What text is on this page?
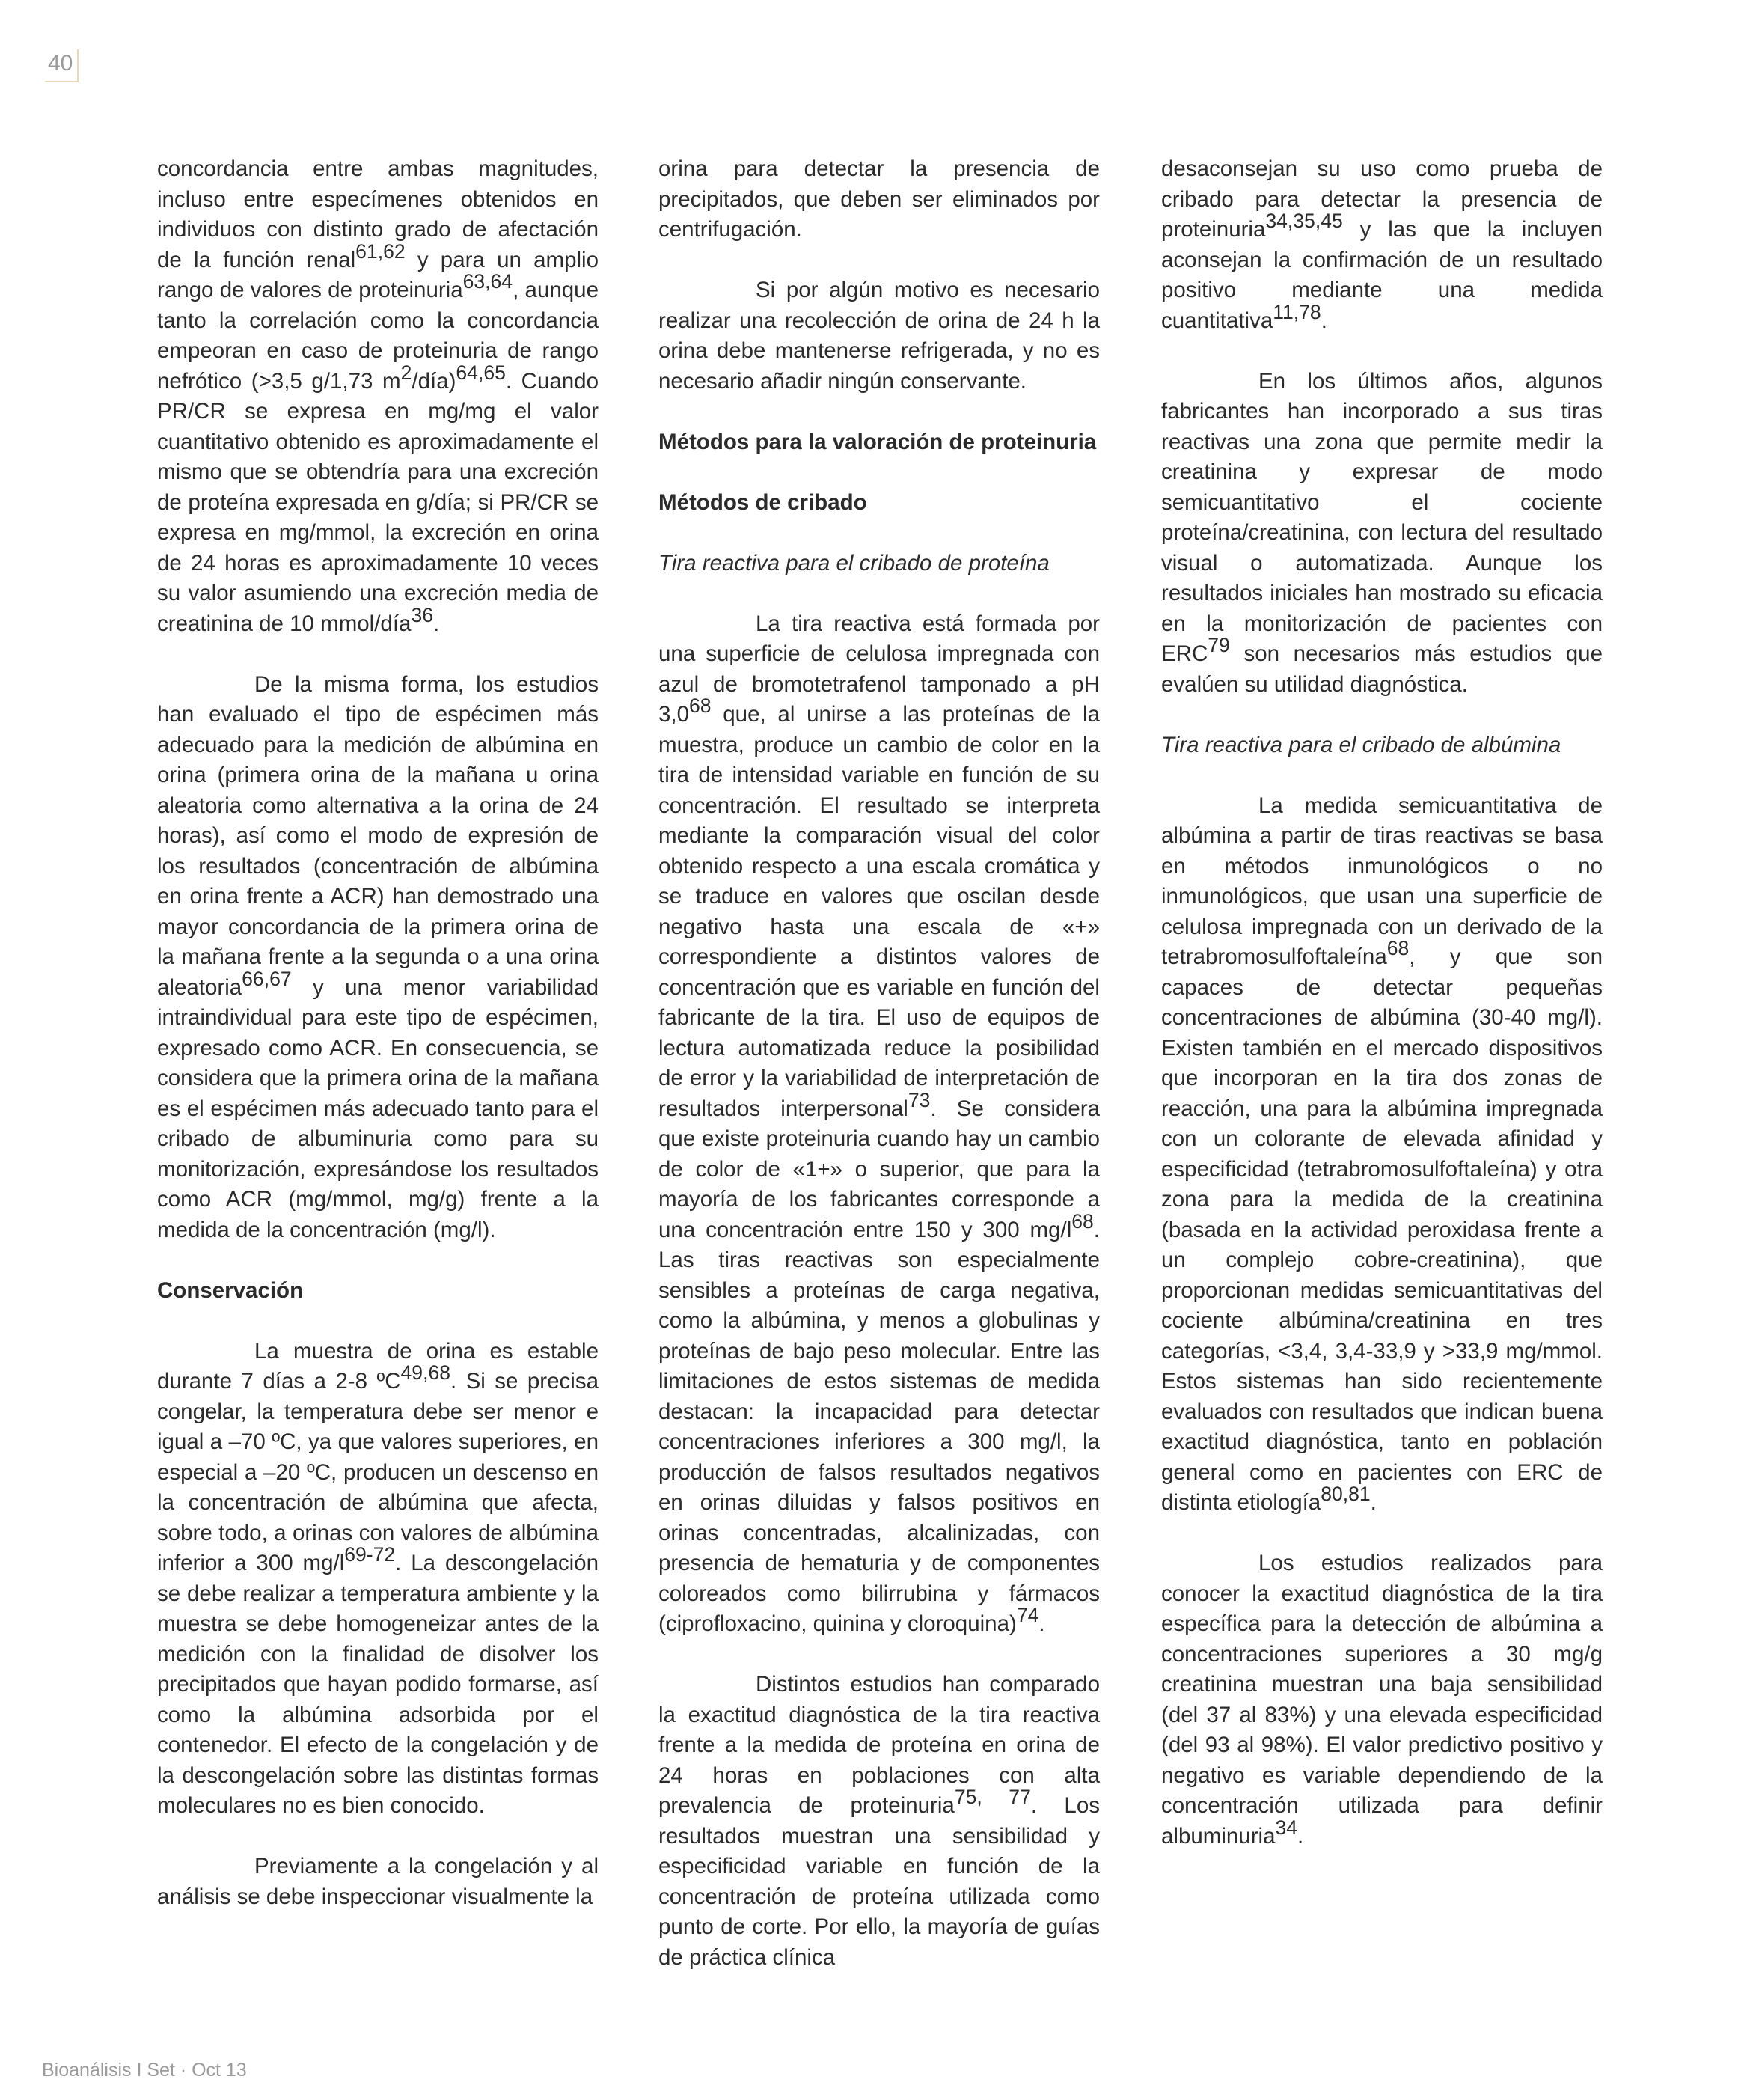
40

concordancia entre ambas magnitudes, incluso entre especímenes obtenidos en individuos con distinto grado de afectación de la función renal$^{61,62}$ y para un amplio rango de valores de proteinuria$^{63,64}$, aunque tanto la correlación como la concordancia empeoran en caso de proteinuria de rango nefrótico (>3,5 g/1,73 $m^2/día)^{64,65}$. Cuando PR/CR se expresa en mg/mg el valor cuantitativo obtenido es aproximadamente el mismo que se obtendría para una excreción de proteína expresada en g/día; si PR/CR se expresa en mg/mmol, la excreción en orina de 24 horas es aproximadamente 10 veces su valor asumiendo una excreción media de creatinina de 10 mmol/día$^{36}$.

De la misma forma, los estudios han evaluado el tipo de espécimen más adecuado para la medición de albúmina en orina (primera orina de la mañana u orina aleatoria como alternativa a la orina de 24 horas), así como el modo de expresión de los resultados (concentración de albúmina en orina frente a ACR) han demostrado una mayor concordancia de la primera orina de la mañana frente a la segunda o a una orina aleatoria$^{66,67}$ y una menor variabilidad intraindividual para este tipo de espécimen, expresado como ACR. En consecuencia, se considera que la primera orina de la mañana es el espécimen más adecuado tanto para el cribado de albuminuria como para su monitorización, expresándose los resultados como ACR (mg/mmol, mg/g) frente a la medida de la concentración (mg/l).

Conservación

La muestra de orina es estable durante 7 días a 2-8 ºC$^{49,68}$. Si se precisa congelar, la temperatura debe ser menor e igual a –70 ºC, ya que valores superiores, en especial a –20 ºC, producen un descenso en la concentración de albúmina que afecta, sobre todo, a orinas con valores de albúmina inferior a 300 $mg/l^{69-72}$. La descongelación se debe realizar a temperatura ambiente y la muestra se debe homogeneizar antes de la medición con la finalidad de disolver los precipitados que hayan podido formarse, así como la albúmina adsorbida por el contenedor. El efecto de la congelación y de la descongelación sobre las distintas formas moleculares no es bien conocido.

Previamente a la congelación y al análisis se debe inspeccionar visualmente la

orina para detectar la presencia de precipitados, que deben ser eliminados por centrifugación.

Si por algún motivo es necesario realizar una recolección de orina de 24 h la orina debe mantenerse refrigerada, y no es necesario añadir ningún conservante.

Métodos para la valoración de proteinuria
Métodos de cribado
Tira reactiva para el cribado de proteína

La tira reactiva está formada por una superficie de celulosa impregnada con azul de bromotetrafenol tamponado a pH $3,0^{68}$ que, al unirse a las proteínas de la muestra, produce un cambio de color en la tira de intensidad variable en función de su concentración. El resultado se interpreta mediante la comparación visual del color obtenido respecto a una escala cromática y se traduce en valores que oscilan desde negativo hasta una escala de «+» correspondiente a distintos valores de concentración que es variable en función del fabricante de la tira. El uso de equipos de lectura automatizada reduce la posibilidad de error y la variabilidad de interpretación de resultados interpersonal$^{73}$. Se considera que existe proteinuria cuando hay un cambio de color de «1+» o superior, que para la mayoría de los fabricantes corresponde a una concentración entre 150 y 300 $mg/l^{68}$. Las tiras reactivas son especialmente sensibles a proteínas de carga negativa, como la albúmina, y menos a globulinas y proteínas de bajo peso molecular. Entre las limitaciones de estos sistemas de medida destacan: la incapacidad para detectar concentraciones inferiores a 300 mg/l, la producción de falsos resultados negativos en orinas diluidas y falsos positivos en orinas concentradas, alcalinizadas, con presencia de hematuria y de componentes coloreados como bilirrubina y fármacos (ciprofloxacino, quinina y cloroquina)$^{74}$.

Distintos estudios han comparado la exactitud diagnóstica de la tira reactiva frente a la medida de proteína en orina de 24 horas en poblaciones con alta prevalencia de proteinuria$^{75, 77}$. Los resultados muestran una sensibilidad y especificidad variable en función de la concentración de proteína utilizada como punto de corte. Por ello, la mayoría de guías de práctica clínica

desaconsejan su uso como prueba de cribado para detectar la presencia de proteinuria$^{34,35,45}$ y las que la incluyen aconsejan la confirmación de un resultado positivo mediante una medida cuantitativa$^{11,78}$.

En los últimos años, algunos fabricantes han incorporado a sus tiras reactivas una zona que permite medir la creatinina y expresar de modo semicuantitativo el cociente proteína/creatinina, con lectura del resultado visual o automatizada. Aunque los resultados iniciales han mostrado su eficacia en la monitorización de pacientes con ERC$^{79}$ son necesarios más estudios que evalúen su utilidad diagnóstica.

Tira reactiva para el cribado de albúmina

La medida semicuantitativa de albúmina a partir de tiras reactivas se basa en métodos inmunológicos o no inmunológicos, que usan una superficie de celulosa impregnada con un derivado de la tetrabromosulfoftaleína$^{68}$, y que son capaces de detectar pequeñas concentraciones de albúmina (30-40 mg/l). Existen también en el mercado dispositivos que incorporan en la tira dos zonas de reacción, una para la albúmina impregnada con un colorante de elevada afinidad y especificidad (tetrabromosulfoftaleína) y otra zona para la medida de la creatinina (basada en la actividad peroxidasa frente a un complejo cobre-creatinina), que proporcionan medidas semicuantitativas del cociente albúmina/creatinina en tres categorías, <3,4, 3,4-33,9 y >33,9 mg/mmol. Estos sistemas han sido recientemente evaluados con resultados que indican buena exactitud diagnóstica, tanto en población general como en pacientes con ERC de distinta etiología$^{80,81}$.

Los estudios realizados para conocer la exactitud diagnóstica de la tira específica para la detección de albúmina a concentraciones superiores a 30 mg/g creatinina muestran una baja sensibilidad (del 37 al 83%) y una elevada especificidad (del 93 al 98%). El valor predictivo positivo y negativo es variable dependiendo de la concentración utilizada para definir albuminuria$^{34}$.

Bioanálisis I Set · Oct 13
